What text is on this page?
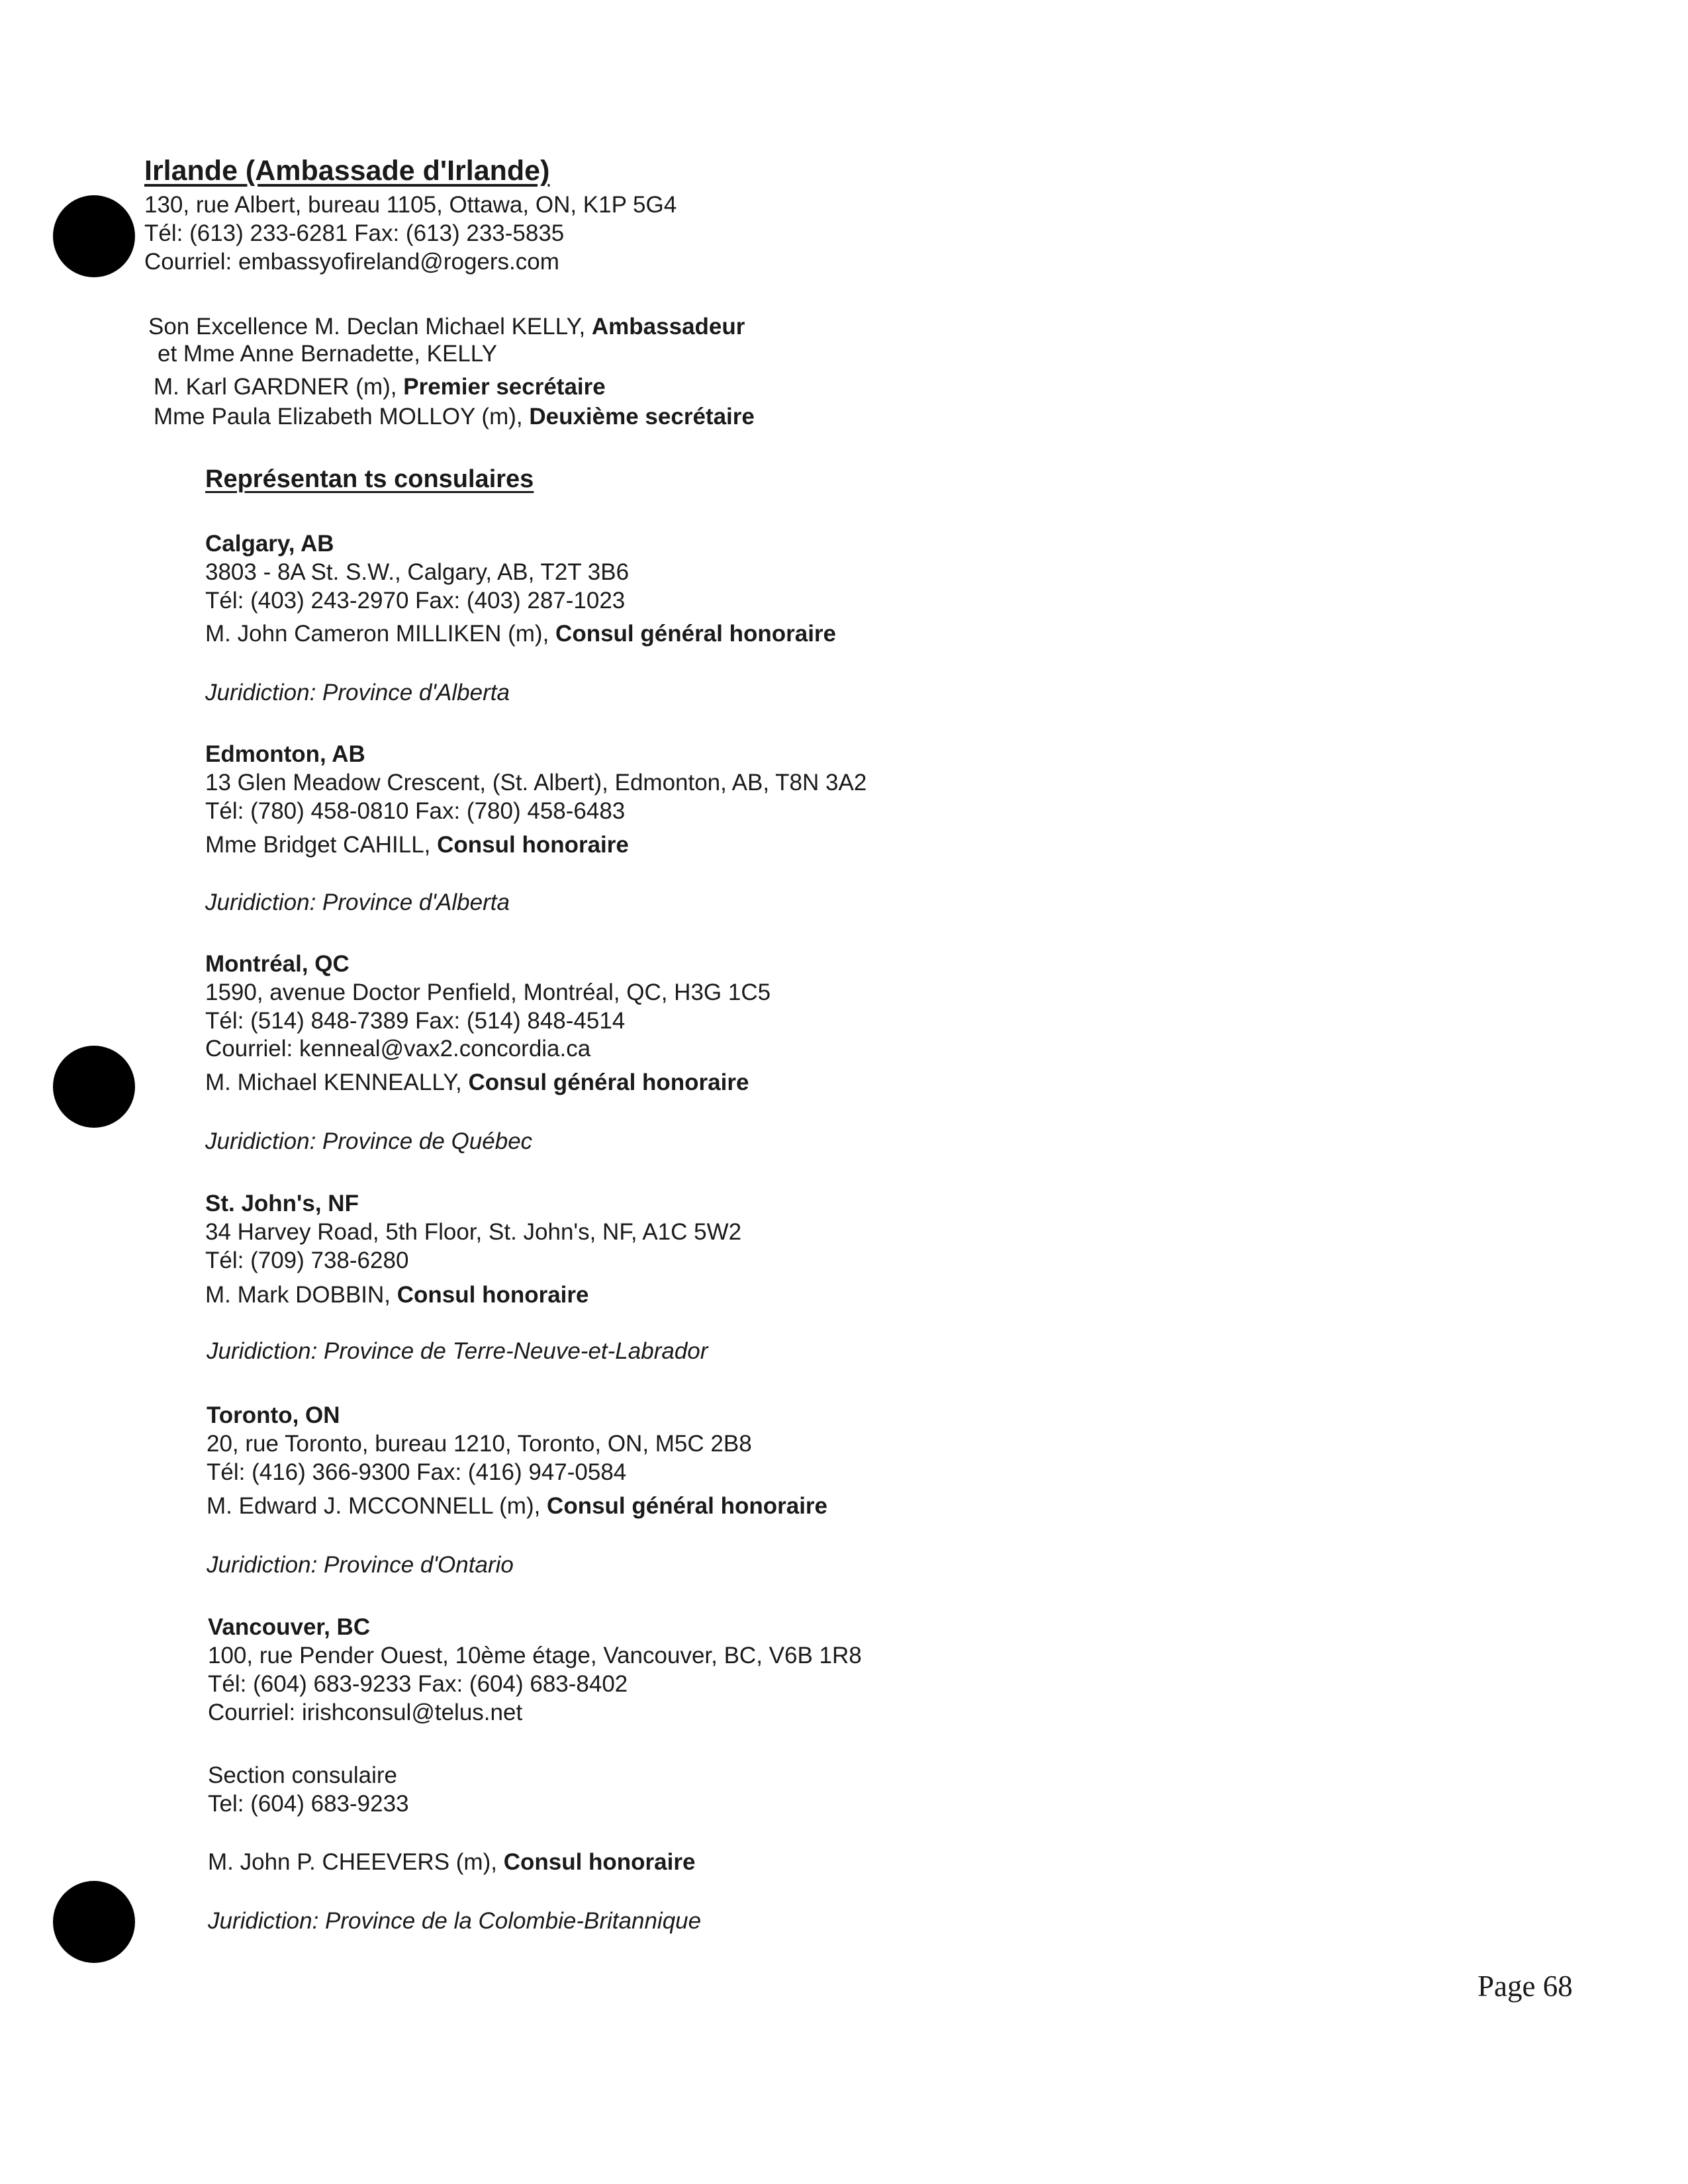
Irlande (Ambassade d'Irlande)
130, rue Albert, bureau 1105, Ottawa, ON, K1P 5G4
Tél: (613) 233-6281 Fax: (613) 233-5835
Courriel: embassyofireland@rogers.com
Son Excellence M. Declan Michael KELLY, Ambassadeur
et Mme Anne Bernadette, KELLY
M. Karl GARDNER (m), Premier secrétaire
Mme Paula Elizabeth MOLLOY (m), Deuxième secrétaire
Représentan ts consulaires
Calgary, AB
3803 - 8A St. S.W., Calgary, AB, T2T 3B6
Tél: (403) 243-2970 Fax: (403) 287-1023
M. John Cameron MILLIKEN (m), Consul général honoraire
Juridiction: Province d'Alberta
Edmonton, AB
13 Glen Meadow Crescent, (St. Albert), Edmonton, AB, T8N 3A2
Tél: (780) 458-0810 Fax: (780) 458-6483
Mme Bridget CAHILL, Consul honoraire
Juridiction: Province d'Alberta
Montréal, QC
1590, avenue Doctor Penfield, Montréal, QC, H3G 1C5
Tél: (514) 848-7389 Fax: (514) 848-4514
Courriel: kenneal@vax2.concordia.ca
M. Michael KENNEALLY, Consul général honoraire
Juridiction: Province de Québec
St. John's, NF
34 Harvey Road, 5th Floor, St. John's, NF, A1C 5W2
Tél: (709) 738-6280
M. Mark DOBBIN, Consul honoraire
Juridiction: Province de Terre-Neuve-et-Labrador
Toronto, ON
20, rue Toronto, bureau 1210, Toronto, ON, M5C 2B8
Tél: (416) 366-9300 Fax: (416) 947-0584
M. Edward J. MCCONNELL (m), Consul général honoraire
Juridiction: Province d'Ontario
Vancouver, BC
100, rue Pender Ouest, 10ème étage, Vancouver, BC, V6B 1R8
Tél: (604) 683-9233 Fax: (604) 683-8402
Courriel: irishconsul@telus.net
Section consulaire
Tel: (604) 683-9233
M. John P. CHEEVERS (m), Consul honoraire
Juridiction: Province de la Colombie-Britannique
Page 68
